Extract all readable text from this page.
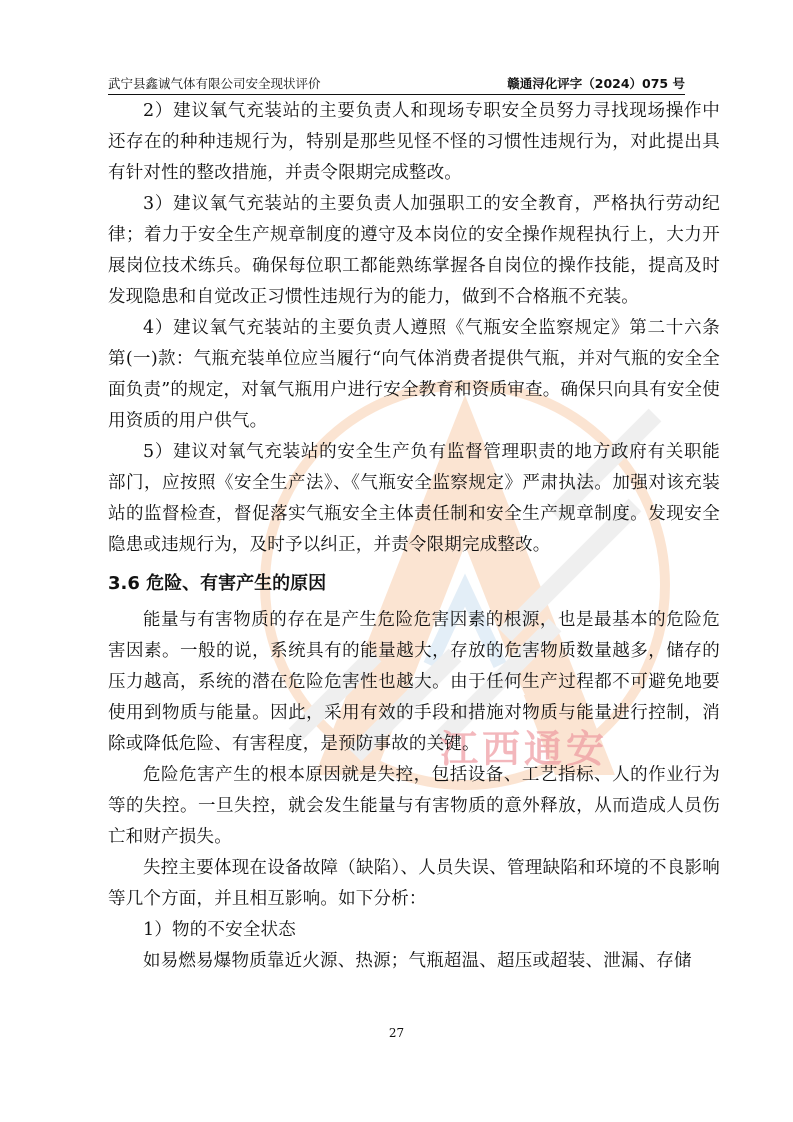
江西通安
武宁县鑫诚气体有限公司安全现状评价	赣通浔化评字（2024）075 号

2）建议氧气充装站的主要负责人和现场专职安全员努力寻找现场操作中还存在的种种违规行为，特别是那些见怪不怪的习惯性违规行为，对此提出具有针对性的整改措施，并责令限期完成整改。

3）建议氧气充装站的主要负责人加强职工的安全教育，严格执行劳动纪律；着力于安全生产规章制度的遵守及本岗位的安全操作规程执行上，大力开展岗位技术练兵。确保每位职工都能熟练掌握各自岗位的操作技能，提高及时发现隐患和自觉改正习惯性违规行为的能力，做到不合格瓶不充装。

4）建议氧气充装站的主要负责人遵照《气瓶安全监察规定》第二十六条第(一)款：气瓶充装单位应当履行“向气体消费者提供气瓶，并对气瓶的安全全面负责”的规定，对氧气瓶用户进行安全教育和资质审查。确保只向具有安全使用资质的用户供气。

5）建议对氧气充装站的安全生产负有监督管理职责的地方政府有关职能部门，应按照《安全生产法》、《气瓶安全监察规定》严肃执法。加强对该充装站的监督检查，督促落实气瓶安全主体责任制和安全生产规章制度。发现安全隐患或违规行为，及时予以纠正，并责令限期完成整改。

3.6 危险、有害产生的原因

能量与有害物质的存在是产生危险危害因素的根源，也是最基本的危险危害因素。一般的说，系统具有的能量越大，存放的危害物质数量越多，储存的压力越高，系统的潜在危险危害性也越大。由于任何生产过程都不可避免地要使用到物质与能量。因此，采用有效的手段和措施对物质与能量进行控制，消除或降低危险、有害程度，是预防事故的关键。

危险危害产生的根本原因就是失控，包括设备、工艺指标、人的作业行为等的失控。一旦失控，就会发生能量与有害物质的意外释放，从而造成人员伤亡和财产损失。

失控主要体现在设备故障（缺陷）、人员失误、管理缺陷和环境的不良影响等几个方面，并且相互影响。如下分析：

1）物的不安全状态

如易燃易爆物质靠近火源、热源；气瓶超温、超压或超装、泄漏、存储

27
